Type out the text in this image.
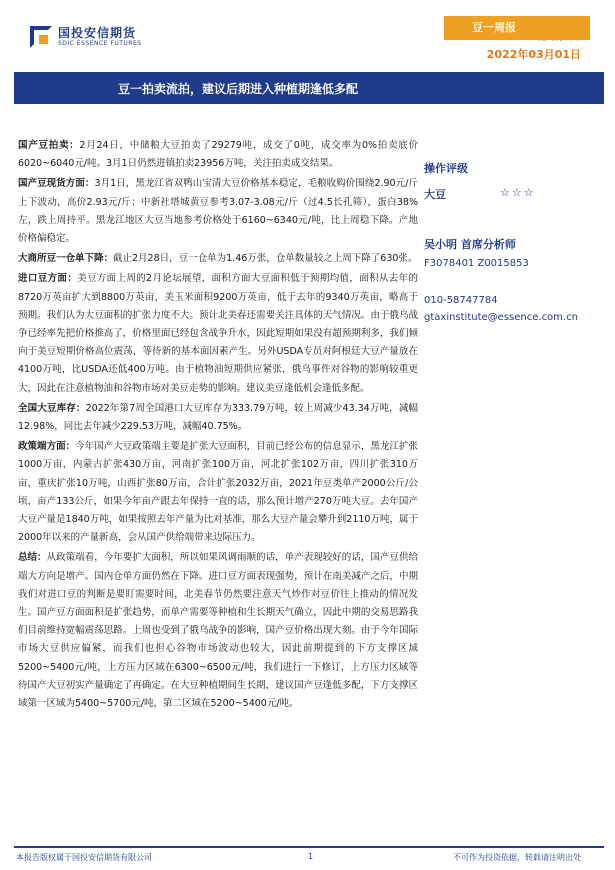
国投安信期货
SDIC ESSENCE FUTURES
2022年03月01日
豆一拍卖流拍，建议后期进入种植期逢低多配
豆一周报

国产豆拍卖：2月24日，中储粮大豆拍卖了29279吨，成交了0吨，成交率为0%拍卖底价6020~6040元/吨。3月1日仍然进镇拍卖23956万吨，关注拍卖成交结果。

国产豆现货方面：3月1日，黑龙江省双鸭山宝清大豆价格基本稳定，毛粮收购价围绕2.90元/斤上下波动，高价2.93元/斤；中新社塔城黄豆参考3.07-3.08元/斤（过4.5长孔筛），蛋白38%左，跌上周持平。黑龙江地区大豆当地参考价格处于6160~6340元/吨，比上周稳下降。产地价格偏稳定。

大商所豆一仓单下降：截止2月28日，豆一仓单为1.46万张，仓单数量较之上周下降了630张。

进口豆方面：美豆方面上周的2月论坛展望，面积方面大豆面积低于预期均值，面积从去年的8720万英亩扩大到8800万英亩，美玉米面积9200万英亩，低于去年的9340万英亩，略高于预期。我们认为大豆面积的扩张力度不大。预计北美春还需要关注具体的天气情况。由于俄乌战争已经率先把价格推高了，价格里面已经包含战争升水，因此短期如果没有超预期利多，我们倾向于美豆短期价格高位震荡，等待新的基本面因素产生。另外USDA专员对阿根廷大豆产量放在4100万吨，比USDA还低400万吨。由于植物油短期供应紧张，俄乌事件对谷物的影响较重更大，因此在注意植物油和谷物市场对美豆走势的影响。建议美豆逢低机会逢低多配。

全国大豆库存：2022年第7周全国港口大豆库存为333.79万吨，较上周减少43.34万吨，减幅12.98%，同比去年减少229.53万吨，减幅40.75%。

政策端方面：今年国产大豆政策端主要是扩张大豆面积，目前已经公布的信息显示，黑龙江扩张1000万亩，内蒙古扩张430万亩，河南扩张100万亩，河北扩张102万亩，四川扩张310万亩，重庆扩张10万吨，山西扩张80万亩，合计扩张2032万亩，2021年豆类单产2000公斤/公顷，亩产133公斤，如果今年亩产跟去年保持一直的话，那么预计增产270万吨大豆。去年国产大豆产量是1840万吨，如果按照去年产量为比对基准，那么大豆产量会攀升到2110万吨，属于2000年以来的产量新高，会从国产供给端带来边际压力。

总结：从政策端看，今年要扩大面积，所以如果风调雨顺的话，单产表现较好的话，国产豆供给端大方向是增产。国内仓单方面仍然在下降。进口豆方面表现强势，预计在南美减产之后，中期我们对进口豆的判断是要盯需要时间，北美春节仍然要注意天气炒作对豆价往上推动的情况发生。国产豆方面面积是扩张趋势，而单产需要等种植和生长期天气确立，因此中期的交易思路我们目前维持宽幅震荡思路。上周也受到了俄乌战争的影响，国产豆价格出现大刻。由于今年国际市场大豆供应偏紧，而我们也担心谷物市场波动也较大，因此前期提到的下方支撑区域5200~5400元/吨，上方压力区域在6300~6500元/吨，我们进行一下修订，上方压力区域等待国产大豆初实产量确定了再确定。在大豆种植期间生长期，建议国产豆逢低多配，下方支撑区域第一区域为5400~5700元/吨，第二区域在5200~5400元/吨。

操作评级
大豆	☆☆☆
吴小明 首席分析师
F3078401 Z0015853
010-58747784
gtaxinstitute@essence.com.cn
本报告版权属于国投安信期货有限公司	1	不可作为投资依据，转载请注明出处
